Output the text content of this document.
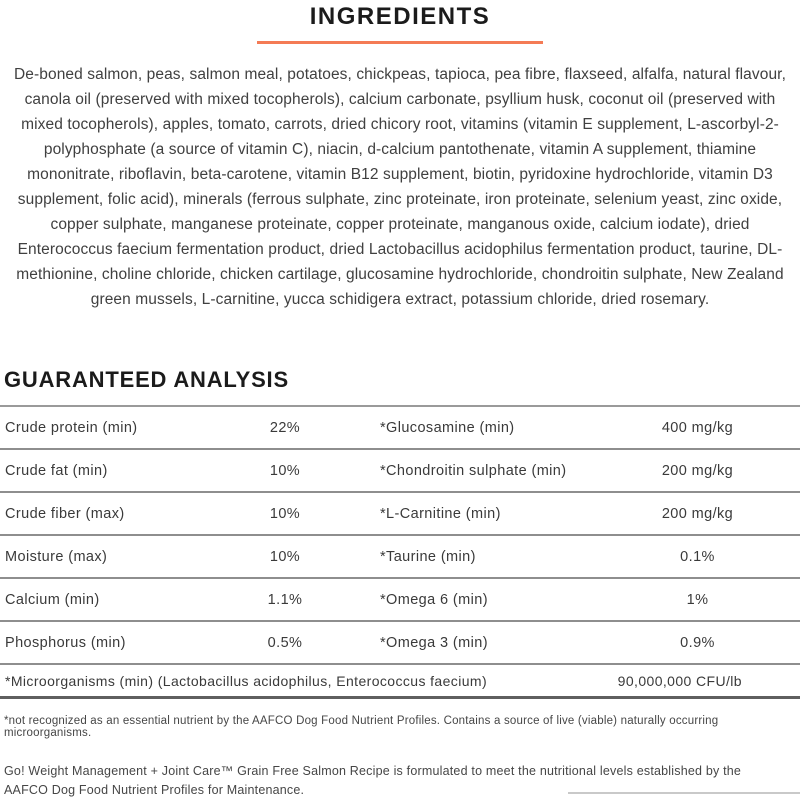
INGREDIENTS

De-boned salmon, peas, salmon meal, potatoes, chickpeas, tapioca, pea fibre, flaxseed, alfalfa, natural flavour, canola oil (preserved with mixed tocopherols), calcium carbonate, psyllium husk, coconut oil (preserved with mixed tocopherols), apples, tomato, carrots, dried chicory root, vitamins (vitamin E supplement, L-ascorbyl-2-polyphosphate (a source of vitamin C), niacin, d-calcium pantothenate, vitamin A supplement, thiamine mononitrate, riboflavin, beta-carotene, vitamin B12 supplement, biotin, pyridoxine hydrochloride, vitamin D3 supplement, folic acid), minerals (ferrous sulphate, zinc proteinate, iron proteinate, selenium yeast, zinc oxide, copper sulphate, manganese proteinate, copper proteinate, manganous oxide, calcium iodate), dried Enterococcus faecium fermentation product, dried Lactobacillus acidophilus fermentation product, taurine, DL-methionine, choline chloride, chicken cartilage, glucosamine hydrochloride, chondroitin sulphate, New Zealand green mussels, L-carnitine, yucca schidigera extract, potassium chloride, dried rosemary.

GUARANTEED ANALYSIS
Crude protein (min)	22%	*Glucosamine (min)	400 mg/kg
Crude fat (min)	10%	*Chondroitin sulphate (min)	200 mg/kg
Crude fiber (max)	10%	*L-Carnitine (min)	200 mg/kg
Moisture (max)	10%	*Taurine (min)	0.1%
Calcium (min)	1.1%	*Omega 6 (min)	1%
Phosphorus (min)	0.5%	*Omega 3 (min)	0.9%
*Microorganisms (min) (Lactobacillus acidophilus, Enterococcus faecium)	90,000,000 CFU/lb

*not recognized as an essential nutrient by the AAFCO Dog Food Nutrient Profiles. Contains a source of live (viable) naturally occurring microorganisms.

Go! Weight Management + Joint Care™ Grain Free Salmon Recipe is formulated to meet the nutritional levels established by the AAFCO Dog Food Nutrient Profiles for Maintenance.
